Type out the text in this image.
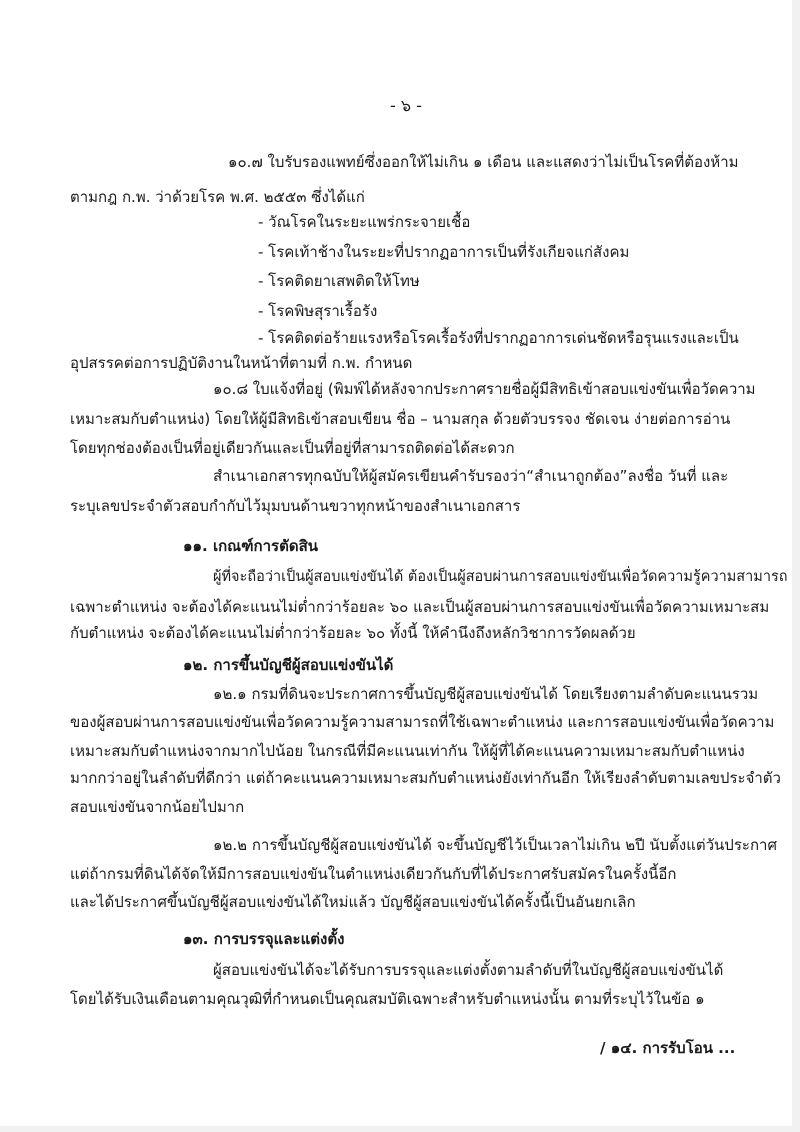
- ๖ -

๑๐.๗ ใบรับรองแพทย์ซึ่งออกให้ไม่เกิน ๑ เดือน และแสดงว่าไม่เป็นโรคที่ต้องห้าม

ตามกฎ ก.พ. ว่าด้วยโรค พ.ศ. ๒๕๕๓ ซึ่งได้แก่

- วัณโรคในระยะแพร่กระจายเชื้อ

- โรคเท้าช้างในระยะที่ปรากฏอาการเป็นที่รังเกียจแก่สังคม

- โรคติดยาเสพติดให้โทษ

- โรคพิษสุราเรื้อรัง

- โรคติดต่อร้ายแรงหรือโรคเรื้อรังที่ปรากฏอาการเด่นชัดหรือรุนแรงและเป็น

อุปสรรคต่อการปฏิบัติงานในหน้าที่ตามที่ ก.พ. กำหนด

๑๐.๘ ใบแจ้งที่อยู่ (พิมพ์ได้หลังจากประกาศรายชื่อผู้มีสิทธิเข้าสอบแข่งขันเพื่อวัดความ

เหมาะสมกับตำแหน่ง) โดยให้ผู้มีสิทธิเข้าสอบเขียน ชื่อ – นามสกุล ด้วยตัวบรรจง ชัดเจน ง่ายต่อการอ่าน

โดยทุกช่องต้องเป็นที่อยู่เดียวกันและเป็นที่อยู่ที่สามารถติดต่อได้สะดวก

สำเนาเอกสารทุกฉบับให้ผู้สมัครเขียนคำรับรองว่า“สำเนาถูกต้อง”ลงชื่อ วันที่ และ

ระบุเลขประจำตัวสอบกำกับไว้มุมบนด้านขวาทุกหน้าของสำเนาเอกสาร

๑๑. เกณฑ์การตัดสิน

ผู้ที่จะถือว่าเป็นผู้สอบแข่งขันได้ ต้องเป็นผู้สอบผ่านการสอบแข่งขันเพื่อวัดความรู้ความสามารถ

เฉพาะตำแหน่ง จะต้องได้คะแนนไม่ต่ำกว่าร้อยละ ๖๐ และเป็นผู้สอบผ่านการสอบแข่งขันเพื่อวัดความเหมาะสม

กับตำแหน่ง จะต้องได้คะแนนไม่ต่ำกว่าร้อยละ ๖๐ ทั้งนี้ ให้คำนึงถึงหลักวิชาการวัดผลด้วย

๑๒. การขึ้นบัญชีผู้สอบแข่งขันได้

๑๒.๑ กรมที่ดินจะประกาศการขึ้นบัญชีผู้สอบแข่งขันได้ โดยเรียงตามลำดับคะแนนรวม

ของผู้สอบผ่านการสอบแข่งขันเพื่อวัดความรู้ความสามารถที่ใช้เฉพาะตำแหน่ง และการสอบแข่งขันเพื่อวัดความ

เหมาะสมกับตำแหน่งจากมากไปน้อย ในกรณีที่มีคะแนนเท่ากัน ให้ผู้ที่ได้คะแนนความเหมาะสมกับตำแหน่ง

มากกว่าอยู่ในลำดับที่ดีกว่า แต่ถ้าคะแนนความเหมาะสมกับตำแหน่งยังเท่ากันอีก ให้เรียงลำดับตามเลขประจำตัว

สอบแข่งขันจากน้อยไปมาก

๑๒.๒ การขึ้นบัญชีผู้สอบแข่งขันได้ จะขึ้นบัญชีไว้เป็นเวลาไม่เกิน ๒ปี นับตั้งแต่วันประกาศ

แต่ถ้ากรมที่ดินได้จัดให้มีการสอบแข่งขันในตำแหน่งเดียวกันกับที่ได้ประกาศรับสมัครในครั้งนี้อีก

และได้ประกาศขึ้นบัญชีผู้สอบแข่งขันได้ใหม่แล้ว บัญชีผู้สอบแข่งขันได้ครั้งนี้เป็นอันยกเลิก

๑๓. การบรรจุและแต่งตั้ง

ผู้สอบแข่งขันได้จะได้รับการบรรจุและแต่งตั้งตามลำดับที่ในบัญชีผู้สอบแข่งขันได้

โดยได้รับเงินเดือนตามคุณวุฒิที่กำหนดเป็นคุณสมบัติเฉพาะสำหรับตำแหน่งนั้น ตามที่ระบุไว้ในข้อ ๑

/ ๑๔. การรับโอน ...
